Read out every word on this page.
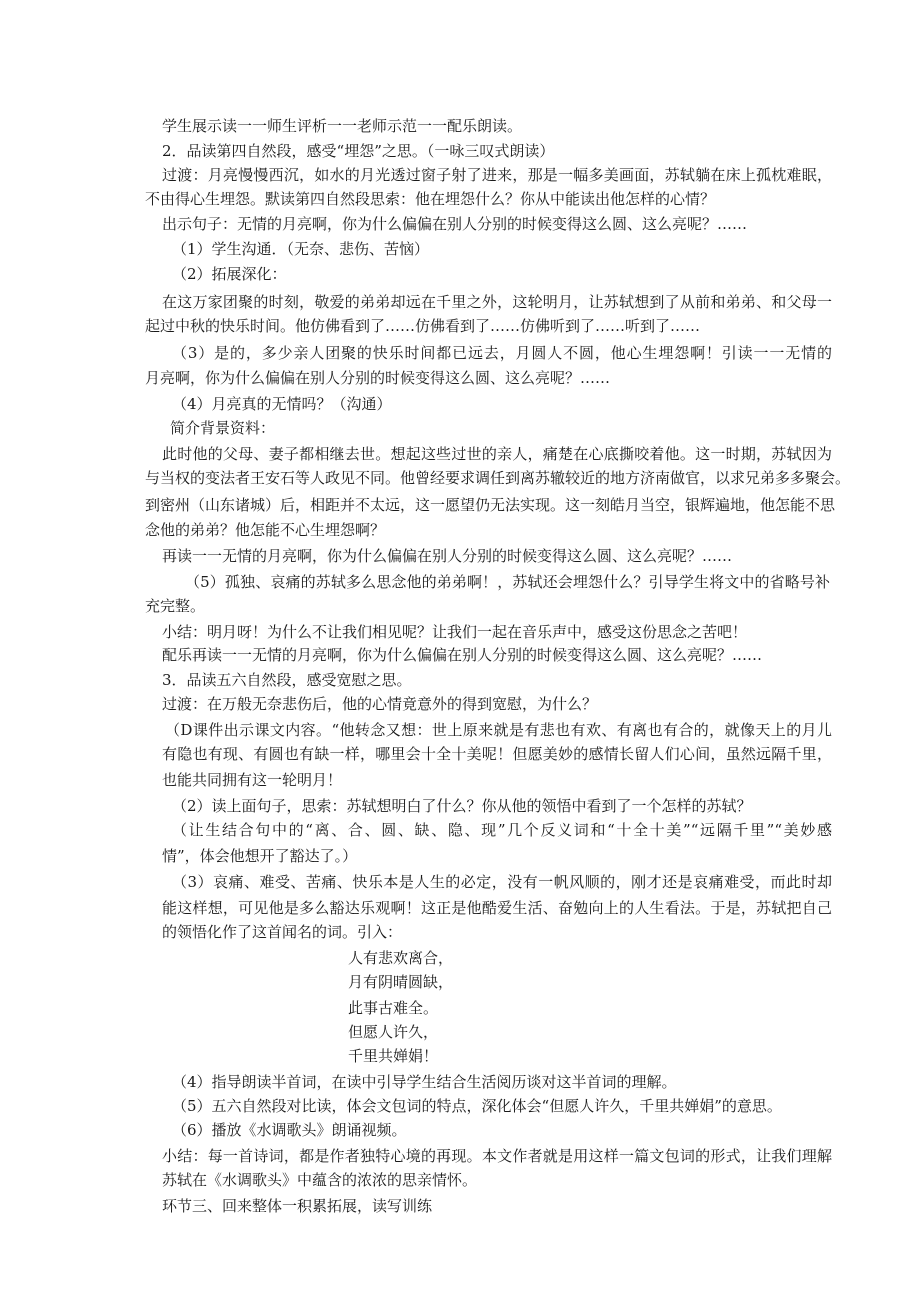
学生展示读一一师生评析一一老师示范一一配乐朗读。
2．品读第四自然段，感受“埋怨”之思。（一咏三叹式朗读）
过渡：月亮慢慢西沉，如水的月光透过窗子射了进来，那是一幅多美画面，苏轼躺在床上孤枕难眠，
不由得心生埋怨。默读第四自然段思索：他在埋怨什么？你从中能读出他怎样的心情？
出示句子：无情的月亮啊，你为什么偏偏在别人分别的时候变得这么圆、这么亮呢？……
（1）学生沟通．（无奈、悲伤、苦恼）
（2）拓展深化：
在这万家团聚的时刻，敬爱的弟弟却远在千里之外，这轮明月，让苏轼想到了从前和弟弟、和父母一
起过中秋的快乐时间。他仿佛看到了……仿佛看到了……仿佛听到了……听到了……
（3）是的，多少亲人团聚的快乐时间都已远去，月圆人不圆，他心生埋怨啊！引读一一无情的
月亮啊，你为什么偏偏在别人分别的时候变得这么圆、这么亮呢？……
（4）月亮真的无情吗？（沟通）
简介背景资料：
此时他的父母、妻子都相继去世。想起这些过世的亲人，痛楚在心底撕咬着他。这一时期，苏轼因为
与当权的变法者王安石等人政见不同。他曾经要求调任到离苏辙较近的地方济南做官，以求兄弟多多聚会。
到密州（山东诸城）后，相距并不太远，这一愿望仍无法实现。这一刻皓月当空，银辉遍地，他怎能不思
念他的弟弟？他怎能不心生埋怨啊？
再读一一无情的月亮啊，你为什么偏偏在别人分别的时候变得这么圆、这么亮呢？……
（5）孤独、哀痛的苏轼多么思念他的弟弟啊！，苏轼还会埋怨什么？引导学生将文中的省略号补
充完整。
小结：明月呀！为什么不让我们相见呢？让我们一起在音乐声中，感受这份思念之苦吧！
配乐再读一一无情的月亮啊，你为什么偏偏在别人分别的时候变得这么圆、这么亮呢？……
3．品读五六自然段，感受宽慰之思。
过渡：在万般无奈悲伤后，他的心情竟意外的得到宽慰，为什么？
（D课件出示课文内容。“他转念又想：世上原来就是有悲也有欢、有离也有合的，就像天上的月儿
有隐也有现、有圆也有缺一样，哪里会十全十美呢！但愿美妙的感情长留人们心间，虽然远隔千里，
也能共同拥有这一轮明月！
（2）读上面句子，思索：苏轼想明白了什么？你从他的领悟中看到了一个怎样的苏轼？
（让生结合句中的“离、合、圆、缺、隐、现”几个反义词和“十全十美”“远隔千里”“美妙感
情”，体会他想开了豁达了。）
（3）哀痛、难受、苦痛、快乐本是人生的必定，没有一帆风顺的，刚才还是哀痛难受，而此时却
能这样想，可见他是多么豁达乐观啊！这正是他酷爱生活、奋勉向上的人生看法。于是，苏轼把自己
的领悟化作了这首闻名的词。引入：
人有悲欢离合，
月有阴晴圆缺，
此事古难全。
但愿人许久，
千里共婵娟！
（4）指导朗读半首词，在读中引导学生结合生活阅历谈对这半首词的理解。
（5）五六自然段对比读，体会文包词的特点，深化体会“但愿人许久，千里共婵娟”的意思。
（6）播放《水调歌头》朗诵视频。
小结：每一首诗词，都是作者独特心境的再现。本文作者就是用这样一篇文包词的形式，让我们理解
苏轼在《水调歌头》中蕴含的浓浓的思亲情怀。
环节三、回来整体一积累拓展，读写训练
